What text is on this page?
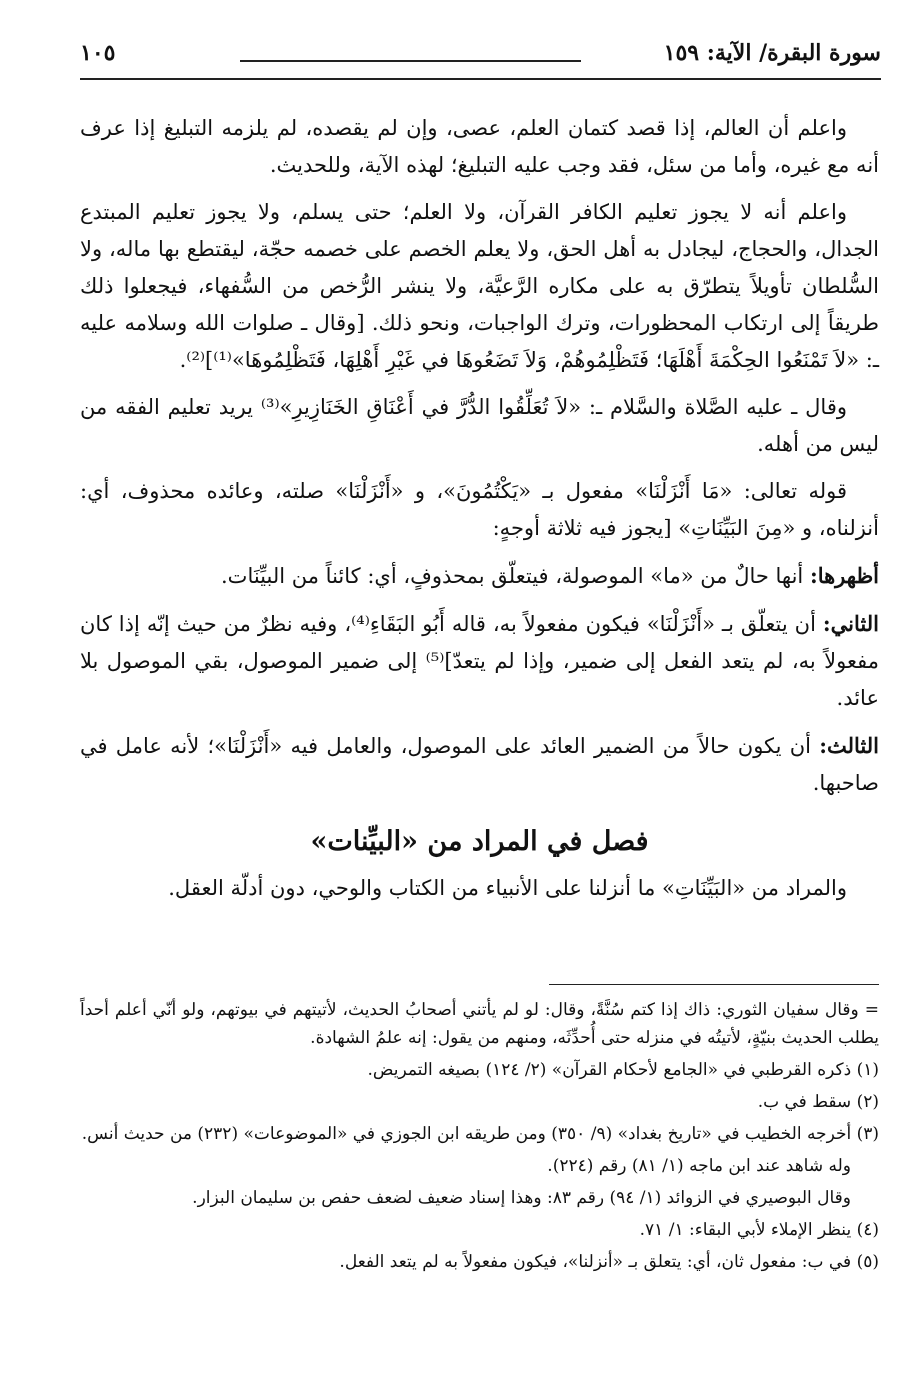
سورة البقرة/ الآية: ١٥٩
١٠٥

واعلم أن العالم، إذا قصد كتمان العلم، عصى، وإن لم يقصده، لم يلزمه التبليغ إذا عرف أنه مع غيره، وأما من سئل، فقد وجب عليه التبليغ؛ لهذه الآية، وللحديث.

واعلم أنه لا يجوز تعليم الكافر القرآن، ولا العلم؛ حتى يسلم، ولا يجوز تعليم المبتدع الجدال، والحجاج، ليجادل به أهل الحق، ولا يعلم الخصم على خصمه حجّة، ليقتطع بها ماله، ولا السُّلطان تأويلاً يتطرّق به على مكاره الرَّعيَّة، ولا ينشر الرُّخص من السُّفهاء، فيجعلوا ذلك طريقاً إلى ارتكاب المحظورات، وترك الواجبات، ونحو ذلك. [وقال ـ صلوات الله وسلامه عليه ـ: «لاَ تَمْنَعُوا الحِكْمَةَ أَهْلَهَا؛ فَتَظْلِمُوهُمْ، وَلاَ تَضَعُوهَا في غَيْرِ أَهْلِهَا، فَتَظْلِمُوهَا»⁽¹⁾]⁽²⁾.

وقال ـ عليه الصَّلاة والسَّلام ـ: «لاَ تُعَلِّقُوا الدُّرَّ في أَعْنَاقِ الخَنَازِيرِ»⁽³⁾ يريد تعليم الفقه من ليس من أهله.

قوله تعالى: «مَا أَنْزَلْنَا» مفعول بـ «يَكْتُمُونَ»، و «أَنْزَلْنَا» صلته، وعائده محذوف، أي: أنزلناه، و «مِنَ البَيِّنَاتِ» [يجوز فيه ثلاثة أوجهٍ:

أظهرها: أنها حالٌ من «ما» الموصولة، فيتعلّق بمحذوفٍ، أي: كائناً من البيِّنَات.

الثاني: أن يتعلّق بـ «أَنْزَلْنَا» فيكون مفعولاً به، قاله أَبُو البَقَاءِ⁽⁴⁾، وفيه نظرٌ من حيث إنّه إذا كان مفعولاً به، لم يتعد الفعل إلى ضمير، وإذا لم يتعدّ]⁽⁵⁾ إلى ضمير الموصول، بقي الموصول بلا عائد.

الثالث: أن يكون حالاً من الضمير العائد على الموصول، والعامل فيه «أَنْزَلْنَا»؛ لأنه عامل في صاحبها.

فصل في المراد من «البيِّنات»

والمراد من «البَيِّنَاتِ» ما أنزلنا على الأنبياء من الكتاب والوحي، دون أدلّة العقل.

= وقال سفيان الثوري: ذاك إذا كتم سُنَّةً، وقال: لو لم يأتني أصحابُ الحديث، لأتيتهم في بيوتهم، ولو أنّي أعلم أحداً يطلب الحديث بنيّةٍ، لأتيتُه في منزله حتى أُحدِّثَه، ومنهم من يقول: إنه علمُ الشهادة.

(١) ذكره القرطبي في «الجامع لأحكام القرآن» (٢/ ١٢٤) بصيغه التمريض.

(٢) سقط في ب.

(٣) أخرجه الخطيب في «تاريخ بغداد» (٩/ ٣٥٠) ومن طريقه ابن الجوزي في «الموضوعات» (٢٣٢) من حديث أنس.

وله شاهد عند ابن ماجه (١/ ٨١) رقم (٢٢٤).

وقال البوصيري في الزوائد (١/ ٩٤) رقم ٨٣: وهذا إسناد ضعيف لضعف حفص بن سليمان البزار.

(٤) ينظر الإملاء لأبي البقاء: ١/ ٧١.

(٥) في ب: مفعول ثان، أي: يتعلق بـ «أنزلنا»، فيكون مفعولاً به لم يتعد الفعل.
